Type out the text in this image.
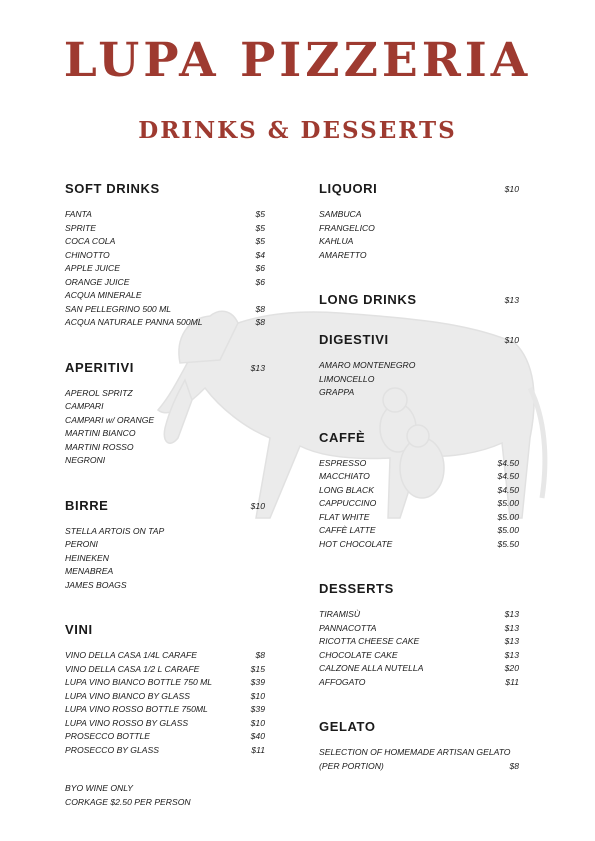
LUPA PIZZERIA
DRINKS & DESSERTS
SOFT DRINKS
FANTA	$5
SPRITE	$5
COCA COLA	$5
CHINOTTO	$4
APPLE JUICE	$6
ORANGE JUICE	$6
ACQUA MINERALE
SAN PELLEGRINO 500 ML	$8
ACQUA NATURALE PANNA 500ML	$8
APERITIVI	$13
APEROL SPRITZ
CAMPARI
CAMPARI w/ ORANGE
MARTINI BIANCO
MARTINI ROSSO
NEGRONI
BIRRE	$10
STELLA ARTOIS ON TAP
PERONI
HEINEKEN
MENABREA
JAMES BOAGS
VINI
VINO DELLA CASA 1/4L CARAFE	$8
VINO DELLA CASA 1/2 L CARAFE	$15
LUPA VINO BIANCO BOTTLE 750 ML	$39
LUPA VINO BIANCO BY GLASS	$10
LUPA VINO ROSSO BOTTLE 750ML	$39
LUPA VINO ROSSO BY GLASS	$10
PROSECCO BOTTLE	$40
PROSECCO BY GLASS	$11
BYO WINE ONLY
CORKAGE $2.50 PER PERSON
LIQUORI	$10
SAMBUCA
FRANGELICO
KAHLUA
AMARETTO
LONG DRINKS	$13
DIGESTIVI	$10
AMARO MONTENEGRO
LIMONCELLO
GRAPPA
CAFFÈ
ESPRESSO	$4.50
MACCHIATO	$4.50
LONG BLACK	$4.50
CAPPUCCINO	$5.00
FLAT WHITE	$5.00
CAFFÈ LATTE	$5.00
HOT CHOCOLATE	$5.50
DESSERTS
TIRAMISÙ	$13
PANNACOTTA	$13
RICOTTA CHEESE CAKE	$13
CHOCOLATE CAKE	$13
CALZONE ALLA NUTELLA	$20
AFFOGATO	$11
GELATO
SELECTION OF HOMEMADE ARTISAN GELATO
(PER PORTION)	$8
